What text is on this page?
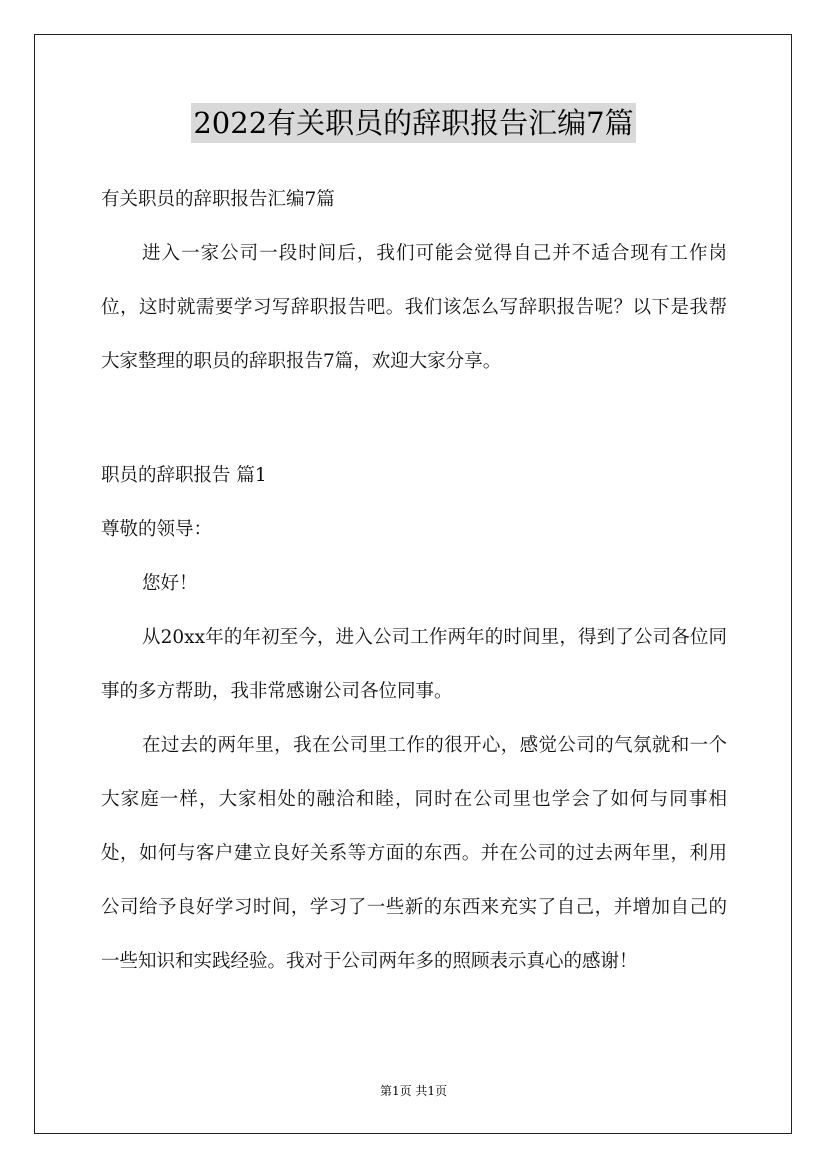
2022有关职员的辞职报告汇编7篇
有关职员的辞职报告汇编7篇
进入一家公司一段时间后，我们可能会觉得自己并不适合现有工作岗位，这时就需要学习写辞职报告吧。我们该怎么写辞职报告呢？以下是我帮大家整理的职员的辞职报告7篇，欢迎大家分享。
职员的辞职报告 篇1
尊敬的领导：
您好！
从20xx年的年初至今，进入公司工作两年的时间里，得到了公司各位同事的多方帮助，我非常感谢公司各位同事。
在过去的两年里，我在公司里工作的很开心，感觉公司的气氛就和一个大家庭一样，大家相处的融洽和睦，同时在公司里也学会了如何与同事相处，如何与客户建立良好关系等方面的东西。并在公司的过去两年里，利用公司给予良好学习时间，学习了一些新的东西来充实了自己，并增加自己的一些知识和实践经验。我对于公司两年多的照顾表示真心的感谢！
第1页 共1页
